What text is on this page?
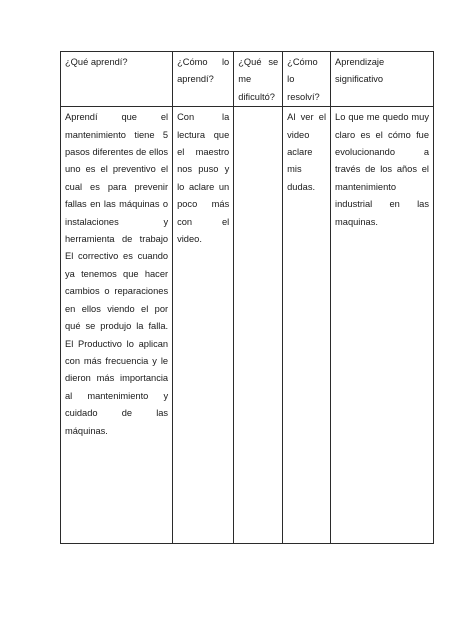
¿Qué aprendí?	¿Cómo lo aprendí?	¿Qué se me dificultó?	¿Cómo lo resolví?	Aprendizaje significativo
Aprendí que el mantenimiento tiene 5 pasos diferentes de ellos uno es el preventivo el cual es para prevenir fallas en las máquinas o instalaciones y herramienta de trabajo El correctivo es cuando ya tenemos que hacer cambios o reparaciones en ellos viendo el por qué se produjo la falla. El Productivo lo aplican con más frecuencia y le dieron más importancia al mantenimiento y cuidado de las máquinas.	Con la lectura que el maestro nos puso y lo aclare un poco más con el video.		Al ver el video aclare mis dudas.	Lo que me quedo muy claro es el cómo fue evolucionando a través de los años el mantenimiento industrial en las maquinas.
